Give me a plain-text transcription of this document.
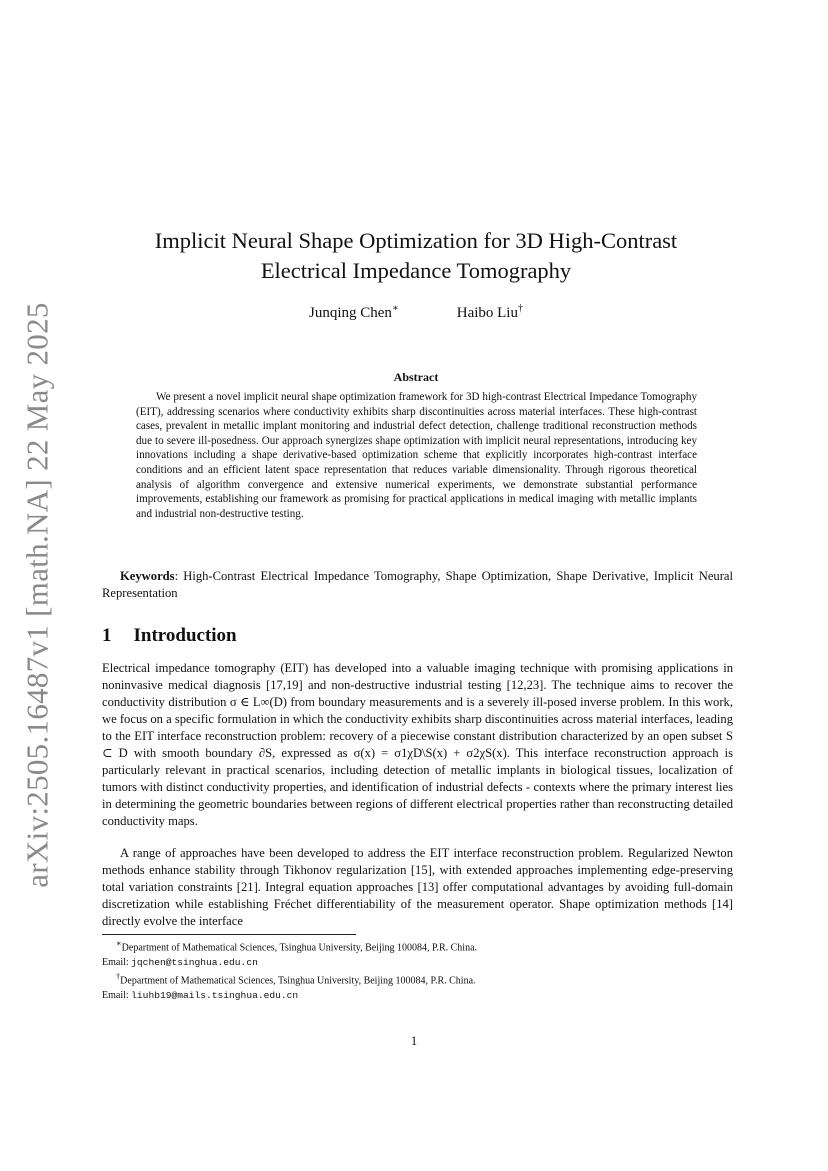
arXiv:2505.16487v1 [math.NA] 22 May 2025
Implicit Neural Shape Optimization for 3D High-Contrast
Electrical Impedance Tomography
Junqing Chen∗	Haibo Liu†
Abstract

We present a novel implicit neural shape optimization framework for 3D high-contrast Electrical Impedance Tomography (EIT), addressing scenarios where conductivity exhibits sharp discontinuities across material interfaces. These high-contrast cases, prevalent in metallic implant monitoring and industrial defect detection, challenge traditional reconstruction methods due to severe ill-posedness. Our approach synergizes shape optimization with implicit neural representations, introducing key innovations including a shape derivative-based optimization scheme that explicitly incorporates high-contrast interface conditions and an efficient latent space representation that reduces variable dimensionality. Through rigorous theoretical analysis of algorithm convergence and extensive numerical experiments, we demonstrate substantial performance improvements, establishing our framework as promising for practical applications in medical imaging with metallic implants and industrial non-destructive testing.

Keywords: High-Contrast Electrical Impedance Tomography, Shape Optimization, Shape Derivative, Implicit Neural Representation

1 Introduction

Electrical impedance tomography (EIT) has developed into a valuable imaging technique with promising applications in noninvasive medical diagnosis [17,19] and non-destructive industrial testing [12,23]. The technique aims to recover the conductivity distribution σ ∈ L∞(D) from boundary measurements and is a severely ill-posed inverse problem. In this work, we focus on a specific formulation in which the conductivity exhibits sharp discontinuities across material interfaces, leading to the EIT interface reconstruction problem: recovery of a piecewise constant distribution characterized by an open subset S ⊂ D with smooth boundary ∂S, expressed as σ(x) = σ1χD\S(x) + σ2χS(x). This interface reconstruction approach is particularly relevant in practical scenarios, including detection of metallic implants in biological tissues, localization of tumors with distinct conductivity properties, and identification of industrial defects - contexts where the primary interest lies in determining the geometric boundaries between regions of different electrical properties rather than reconstructing detailed conductivity maps.

A range of approaches have been developed to address the EIT interface reconstruction problem. Regularized Newton methods enhance stability through Tikhonov regularization [15], with extended approaches implementing edge-preserving total variation constraints [21]. Integral equation approaches [13] offer computational advantages by avoiding full-domain discretization while establishing Fréchet differentiability of the measurement operator. Shape optimization methods [14] directly evolve the interface

∗Department of Mathematical Sciences, Tsinghua University, Beijing 100084, P.R. China.
Email: jqchen@tsinghua.edu.cn
†Department of Mathematical Sciences, Tsinghua University, Beijing 100084, P.R. China.
Email: liuhb19@mails.tsinghua.edu.cn
1
